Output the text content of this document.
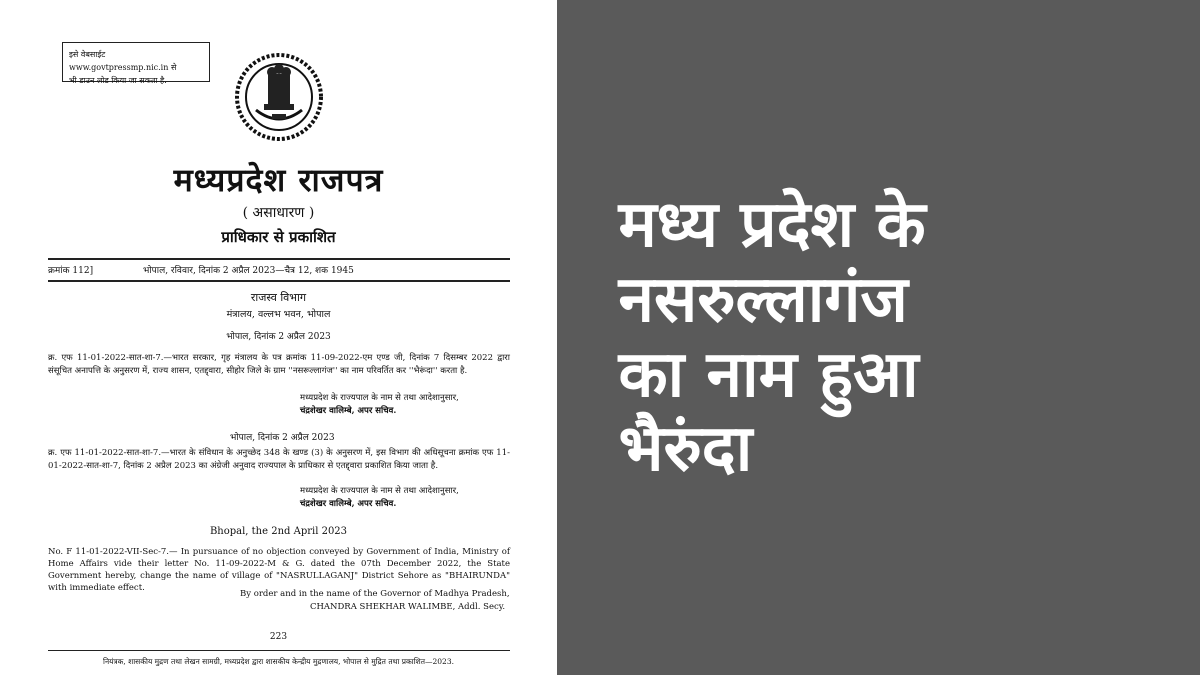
इसे वेबसाईट www.govtpressmp.nic.in से
भी डाउन लोड किया जा सकता है.
मध्यप्रदेश राजपत्र
( असाधारण )
प्राधिकार से प्रकाशित
क्रमांक 112]	भोपाल, रविवार, दिनांक 2 अप्रैल 2023—चैत्र 12, शक 1945
राजस्व विभाग
मंत्रालय, वल्लभ भवन, भोपाल
भोपाल, दिनांक 2 अप्रैल 2023

क्र. एफ 11-01-2022-सात-शा-7.—भारत सरकार, गृह मंत्रालय के पत्र क्रमांक 11-09-2022-एम एण्ड जी, दिनांक 7 दिसम्बर 2022 द्वारा संसूचित अनापत्ति के अनुसरण में, राज्य शासन, एतद्द्वारा, सीहोर जिले के ग्राम ''नसरूल्लागंज'' का नाम परिवर्तित कर ''भैरूंदा'' करता है.

मध्यप्रदेश के राज्यपाल के नाम से तथा आदेशानुसार,
चंद्रशेखर वालिम्बे, अपर सचिव.
भोपाल, दिनांक 2 अप्रैल 2023

क्र. एफ 11-01-2022-सात-शा-7.—भारत के संविधान के अनुच्छेद 348 के खण्ड (3) के अनुसरण में, इस विभाग की अधिसूचना क्रमांक एफ 11-01-2022-सात-शा-7, दिनांक 2 अप्रैल 2023 का अंग्रेजी अनुवाद राज्यपाल के प्राधिकार से एतद्द्वारा प्रकाशित किया जाता है.

मध्यप्रदेश के राज्यपाल के नाम से तथा आदेशानुसार,
चंद्रशेखर वालिम्बे, अपर सचिव.
Bhopal, the 2nd April 2023

No. F 11-01-2022-VII-Sec-7.— In pursuance of no objection conveyed by Government of India, Ministry of Home Affairs vide their letter No. 11-09-2022-M & G. dated the 07th December 2022, the State Government hereby, change the name of village of "NASRULLAGANJ" District Sehore as "BHAIRUNDA" with immediate effect.

By order and in the name of the Governor of Madhya Pradesh,
CHANDRA SHEKHAR WALIMBE, Addl. Secy.
223
नियंत्रक, शासकीय मुद्रण तथा लेखन सामग्री, मध्यप्रदेश द्वारा शासकीय केन्द्रीय मुद्रणालय, भोपाल से मुद्रित तथा प्रकाशित—2023.
मध्य प्रदेश के
नसरुल्लागंज
का नाम हुआ
भैरुंदा
